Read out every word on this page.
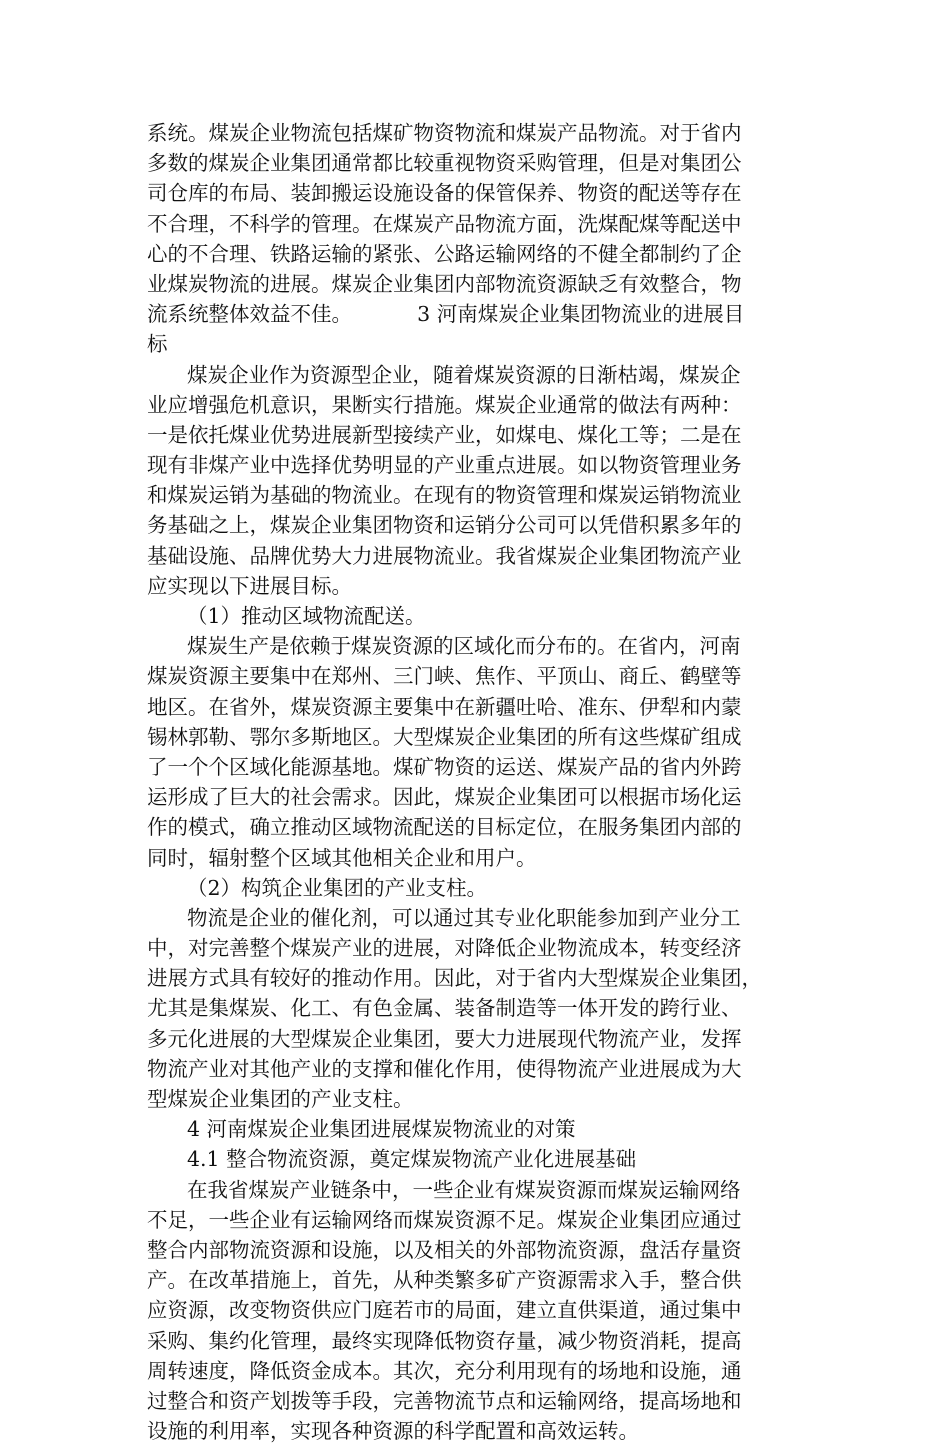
系统。煤炭企业物流包括煤矿物资物流和煤炭产品物流。对于省内
多数的煤炭企业集团通常都比较重视物资采购管理，但是对集团公
司仓库的布局、装卸搬运设施设备的保管保养、物资的配送等存在
不合理，不科学的管理。在煤炭产品物流方面，洗煤配煤等配送中
心的不合理、铁路运输的紧张、公路运输网络的不健全都制约了企
业煤炭物流的进展。煤炭企业集团内部物流资源缺乏有效整合，物
流系统整体效益不佳。          3 河南煤炭企业集团物流业的进展目
标
煤炭企业作为资源型企业，随着煤炭资源的日渐枯竭，煤炭企
业应增强危机意识，果断实行措施。煤炭企业通常的做法有两种：
一是依托煤业优势进展新型接续产业，如煤电、煤化工等；二是在
现有非煤产业中选择优势明显的产业重点进展。如以物资管理业务
和煤炭运销为基础的物流业。在现有的物资管理和煤炭运销物流业
务基础之上，煤炭企业集团物资和运销分公司可以凭借积累多年的
基础设施、品牌优势大力进展物流业。我省煤炭企业集团物流产业
应实现以下进展目标。
（1）推动区域物流配送。
煤炭生产是依赖于煤炭资源的区域化而分布的。在省内，河南
煤炭资源主要集中在郑州、三门峡、焦作、平顶山、商丘、鹤壁等
地区。在省外，煤炭资源主要集中在新疆吐哈、准东、伊犁和内蒙
锡林郭勒、鄂尔多斯地区。大型煤炭企业集团的所有这些煤矿组成
了一个个区域化能源基地。煤矿物资的运送、煤炭产品的省内外跨
运形成了巨大的社会需求。因此，煤炭企业集团可以根据市场化运
作的模式，确立推动区域物流配送的目标定位，在服务集团内部的
同时，辐射整个区域其他相关企业和用户。
（2）构筑企业集团的产业支柱。
物流是企业的催化剂，可以通过其专业化职能参加到产业分工
中，对完善整个煤炭产业的进展，对降低企业物流成本，转变经济
进展方式具有较好的推动作用。因此，对于省内大型煤炭企业集团，
尤其是集煤炭、化工、有色金属、装备制造等一体开发的跨行业、
多元化进展的大型煤炭企业集团，要大力进展现代物流产业，发挥
物流产业对其他产业的支撑和催化作用，使得物流产业进展成为大
型煤炭企业集团的产业支柱。
4 河南煤炭企业集团进展煤炭物流业的对策
4.1 整合物流资源，奠定煤炭物流产业化进展基础
在我省煤炭产业链条中，一些企业有煤炭资源而煤炭运输网络
不足，一些企业有运输网络而煤炭资源不足。煤炭企业集团应通过
整合内部物流资源和设施，以及相关的外部物流资源，盘活存量资
产。在改革措施上，首先，从种类繁多矿产资源需求入手，整合供
应资源，改变物资供应门庭若市的局面，建立直供渠道，通过集中
采购、集约化管理，最终实现降低物资存量，减少物资消耗，提高
周转速度，降低资金成本。其次，充分利用现有的场地和设施，通
过整合和资产划拨等手段，完善物流节点和运输网络，提高场地和
设施的利用率，实现各种资源的科学配置和高效运转。
